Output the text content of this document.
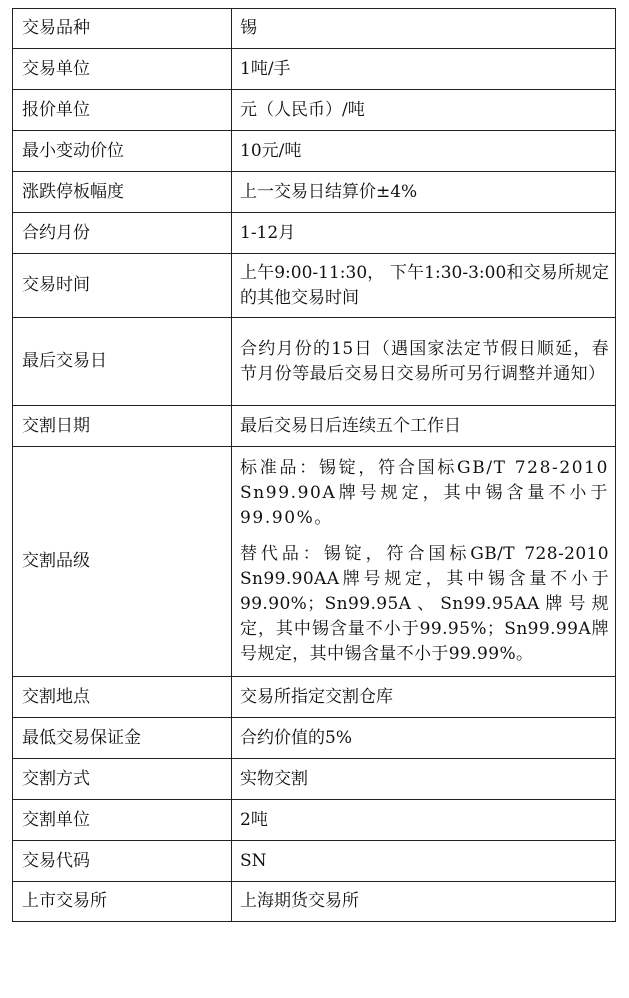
交易品种	锡
交易单位	1吨/手
报价单位	元（人民币）/吨
最小变动价位	10元/吨
涨跌停板幅度	上一交易日结算价±4%
合约月份	1-12月
交易时间	上午9:00-11:30， 下午1:30-3:00和交易所规定的其他交易时间
最后交易日	合约月份的15日（遇国家法定节假日顺延，春节月份等最后交易日交易所可另行调整并通知）
交割日期	最后交易日后连续五个工作日
交割品级	标准品：锡锭，符合国标GB/T 728-2010 Sn99.90A牌号规定，其中锡含量不小于99.90%。
替代品：锡锭，符合国标GB/T 728-2010 Sn99.90AA牌号规定，其中锡含量不小于99.90%；Sn99.95A、Sn99.95AA牌号规定，其中锡含量不小于99.95%；Sn99.99A牌号规定，其中锡含量不小于99.99%。

交割地点	交易所指定交割仓库
最低交易保证金	合约价值的5%
交割方式	实物交割
交割单位	2吨
交易代码	SN
上市交易所	上海期货交易所
